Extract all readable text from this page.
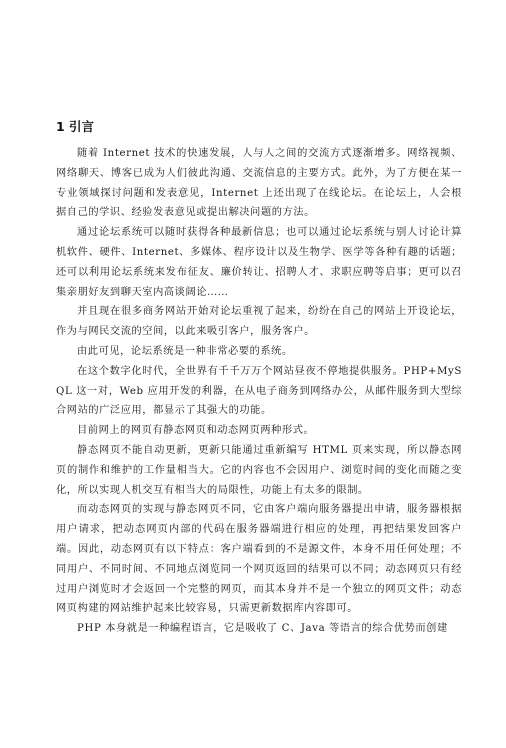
1 引言

随着 Internet 技术的快速发展，人与人之间的交流方式逐渐增多。网络视频、网络聊天、博客已成为人们彼此沟通、交流信息的主要方式。此外，为了方便在某一专业领域探讨问题和发表意见，Internet 上还出现了在线论坛。在论坛上，人会根据自己的学识、经验发表意见或提出解决问题的方法。

通过论坛系统可以随时获得各种最新信息；也可以通过论坛系统与别人讨论计算机软件、硬件、Internet、多媒体、程序设计以及生物学、医学等各种有趣的话题；还可以利用论坛系统来发布征友、廉价转让、招聘人才、求职应聘等启事；更可以召集亲朋好友到聊天室内高谈阔论……

并且现在很多商务网站开始对论坛重视了起来，纷纷在自己的网站上开设论坛，作为与网民交流的空间，以此来吸引客户，服务客户。

由此可见，论坛系统是一种非常必要的系统。

在这个数字化时代，全世界有千千万万个网站昼夜不停地提供服务。PHP+MySQL 这一对，Web 应用开发的利器，在从电子商务到网络办公，从邮件服务到大型综合网站的广泛应用，都显示了其强大的功能。

目前网上的网页有静态网页和动态网页两种形式。

静态网页不能自动更新，更新只能通过重新编写 HTML 页来实现，所以静态网页的制作和维护的工作量相当大。它的内容也不会因用户、浏览时间的变化而随之变化，所以实现人机交互有相当大的局限性，功能上有太多的限制。

而动态网页的实现与静态网页不同，它由客户端向服务器提出申请，服务器根据用户请求，把动态网页内部的代码在服务器端进行相应的处理，再把结果发回客户端。因此，动态网页有以下特点：客户端看到的不是源文件，本身不用任何处理；不同用户、不同时间、不同地点浏览同一个网页返回的结果可以不同；动态网页只有经过用户浏览时才会返回一个完整的网页，而其本身并不是一个独立的网页文件；动态网页构建的网站维护起来比较容易，只需更新数据库内容即可。

PHP 本身就是一种编程语言，它是吸收了 C、Java 等语言的综合优势而创建
